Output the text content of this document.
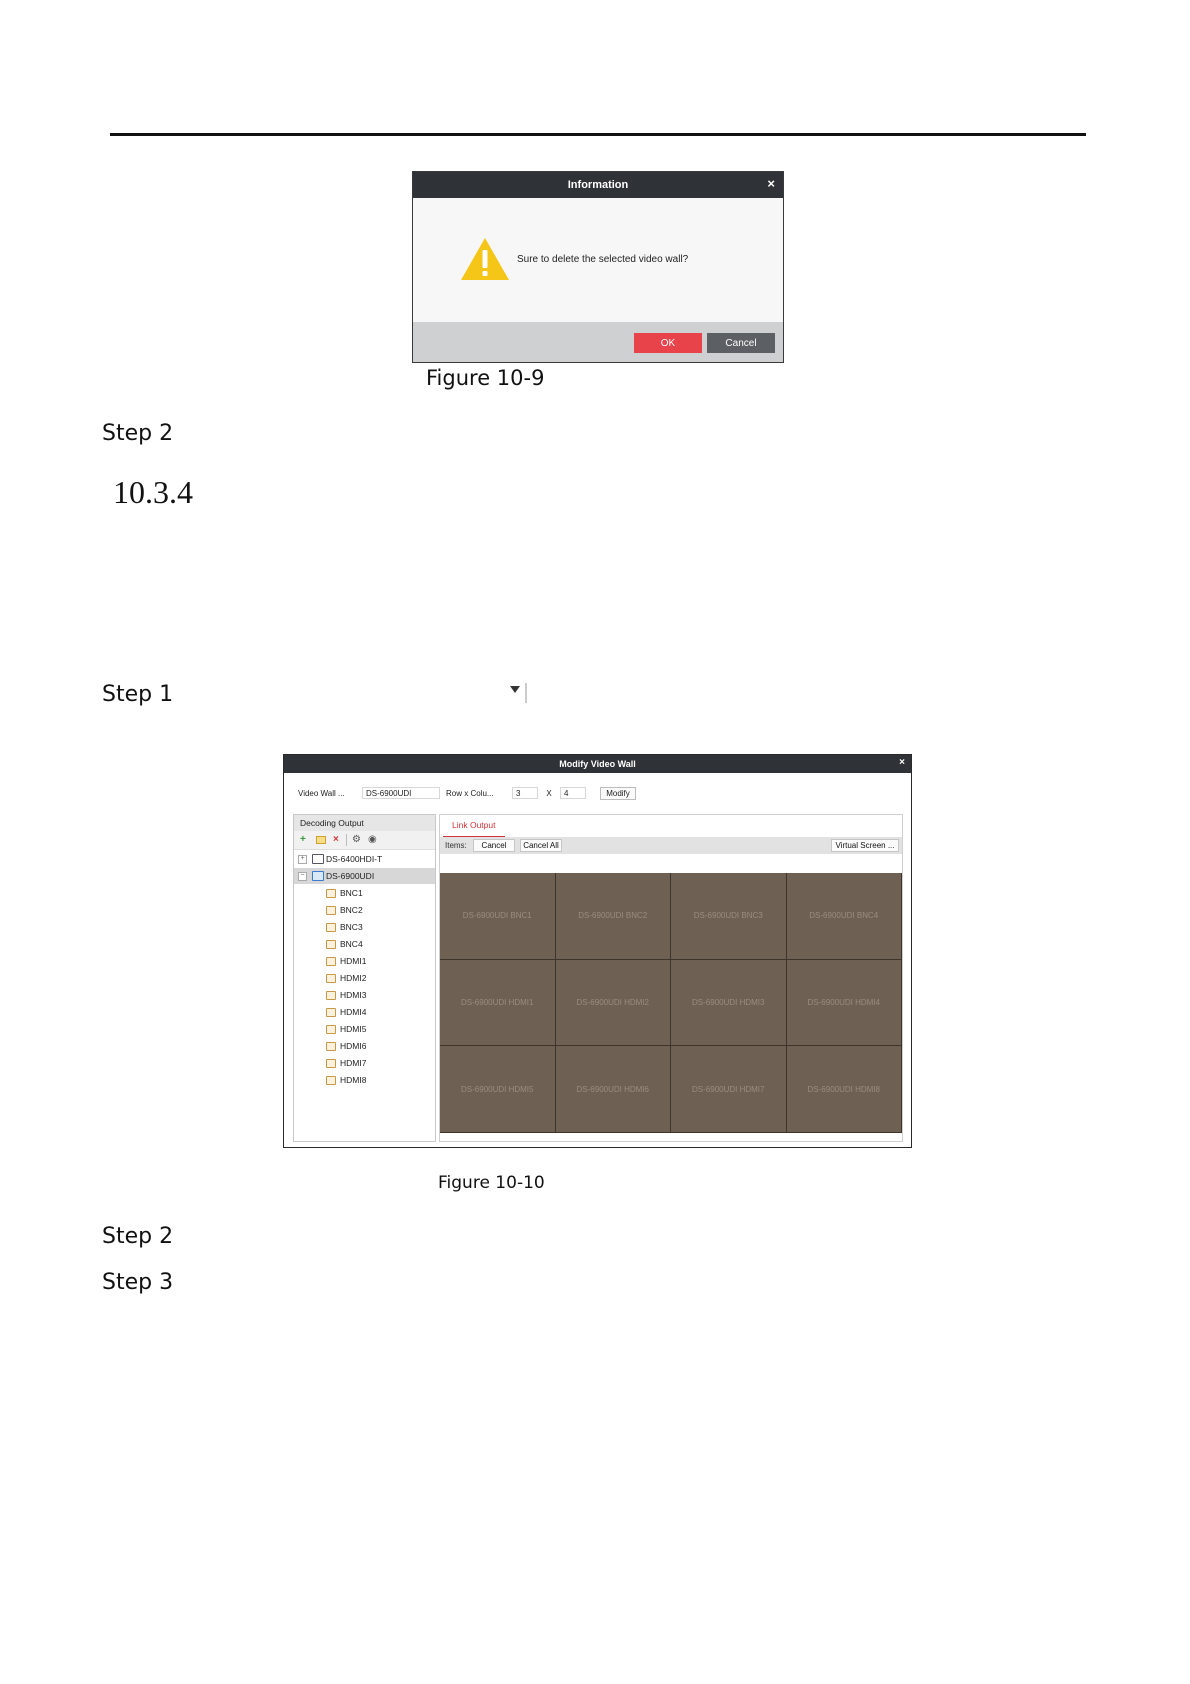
Information	×
Sure to delete the selected video wall?
OK	Cancel
Figure 10-9
Step 2
10.3.4
Step 1
Modify Video Wall	×
Video Wall ...	DS-6900UDI	Row x Colu...	3	X	4	Modify
Decoding Output
+	× ⚙ ◉
+	DS-6400HDI-T
−	DS-6900UDI
BNC1
BNC2
BNC3
BNC4
HDMI1
HDMI2
HDMI3
HDMI4
HDMI5
HDMI6
HDMI7
HDMI8
Link Output
Items:	Cancel	Cancel All	Virtual Screen ...
DS-6900UDI BNC1	DS-6900UDI BNC2	DS-6900UDI BNC3	DS-6900UDI BNC4
DS-6900UDI HDMI1	DS-6900UDI HDMI2	DS-6900UDI HDMI3	DS-6900UDI HDMI4
DS-6900UDI HDMI5	DS-6900UDI HDMI6	DS-6900UDI HDMI7	DS-6900UDI HDMI8
Figure 10-10
Step 2
Step 3
